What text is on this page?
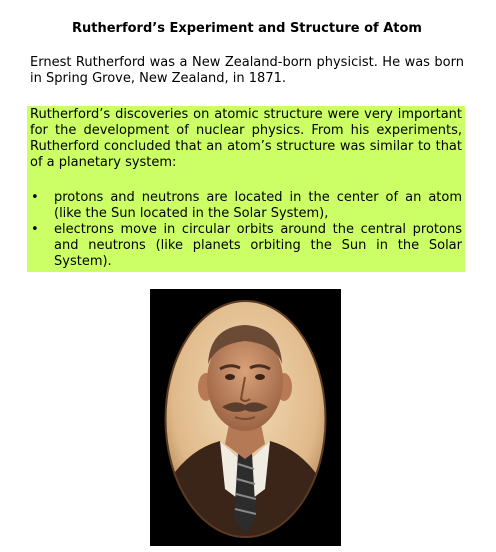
Rutherford’s Experiment and Structure of Atom
Ernest Rutherford was a New Zealand-born physicist. He was born in Spring Grove, New Zealand, in 1871.

Rutherford’s discoveries on atomic structure were very important for the development of nuclear physics. From his experiments, Rutherford concluded that an atom’s structure was similar to that of a planetary system:

• protons and neutrons are located in the center of an atom (like the Sun located in the Solar System),
• electrons move in circular orbits around the central protons and neutrons (like planets orbiting the Sun in the Solar System).
